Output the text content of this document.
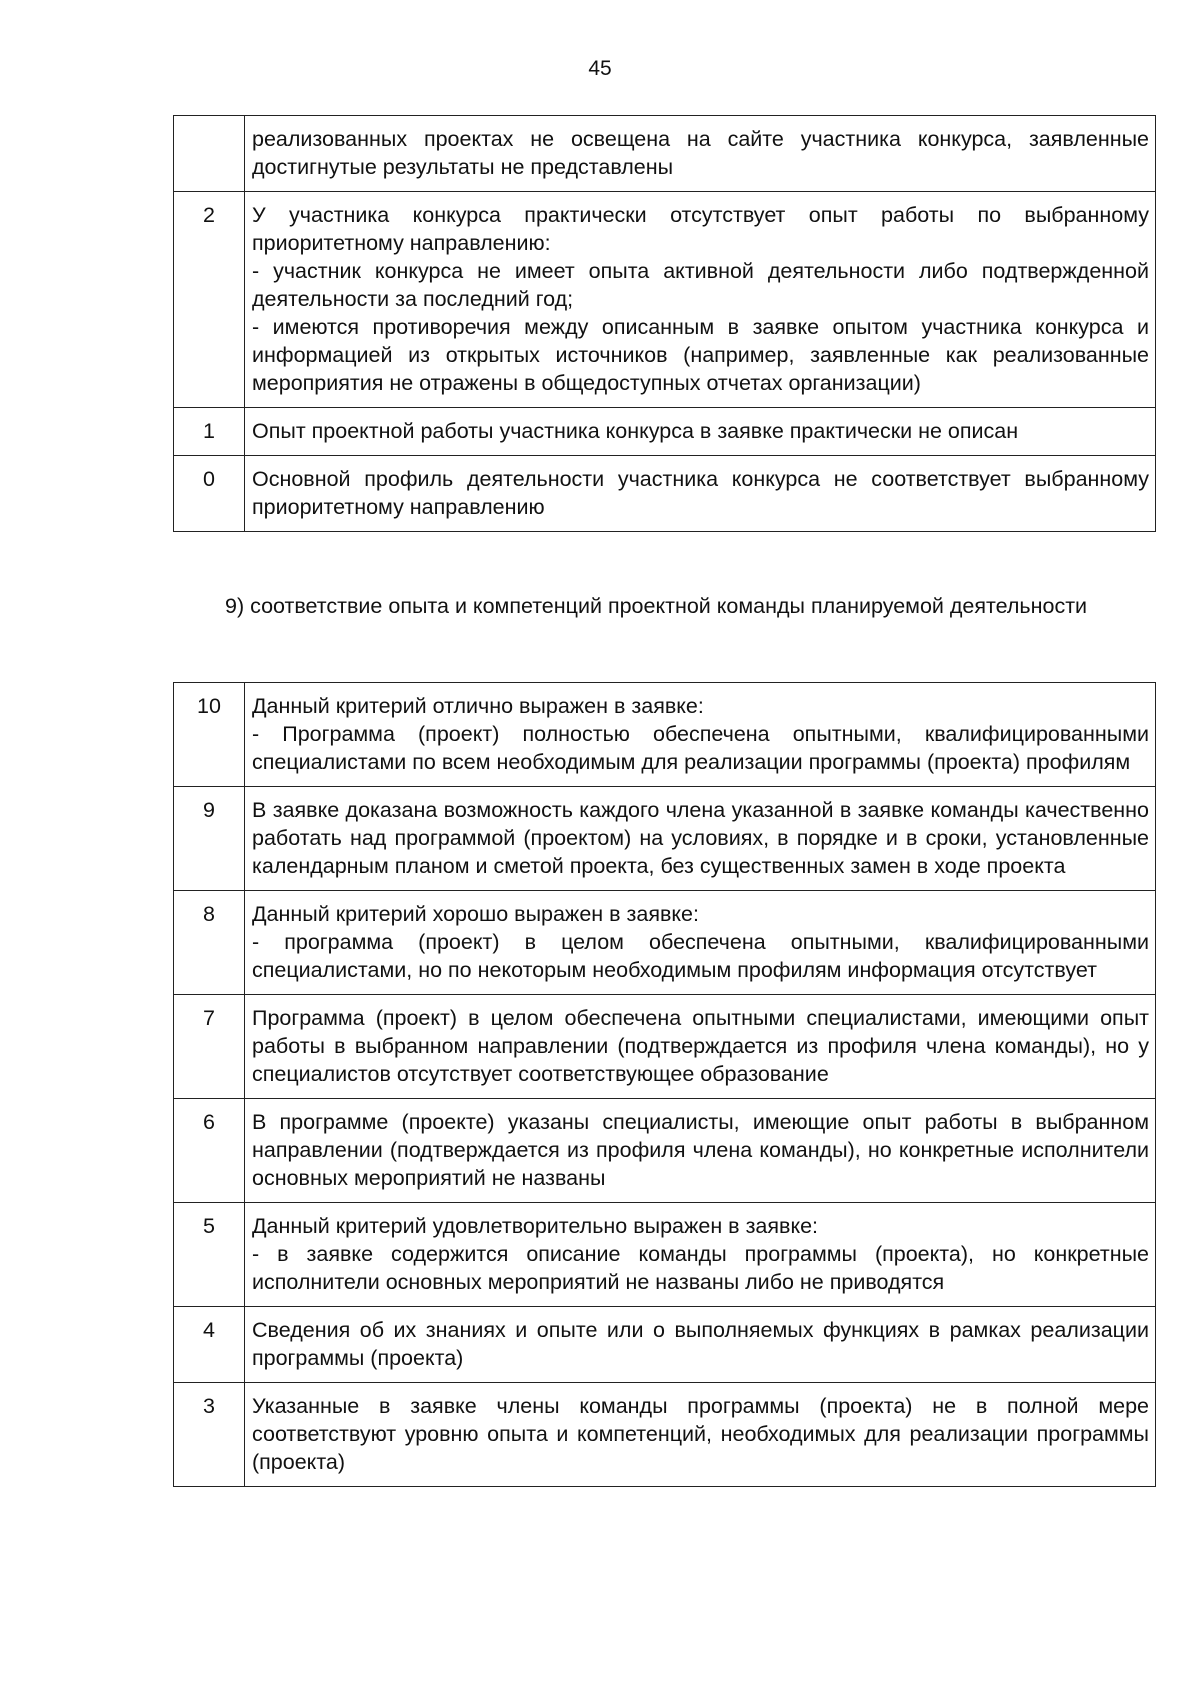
45

	реализованных проектах не освещена на сайте участника конкурса, заявленные достигнутые результаты не представлены

2	У участника конкурса практически отсутствует опыт работы по выбранному приоритетному направлению:
- участник конкурса не имеет опыта активной деятельности либо подтвержденной деятельности за последний год;
- имеются противоречия между описанным в заявке опытом участника конкурса и информацией из открытых источников (например, заявленные как реализованные мероприятия не отражены в общедоступных отчетах организации)

1	Опыт проектной работы участника конкурса в заявке практически не описан

0	Основной профиль деятельности участника конкурса не соответствует выбранному приоритетному направлению
9) соответствие опыта и компетенций проектной команды планируемой деятельности
10	Данный критерий отлично выражен в заявке:
- Программа (проект) полностью обеспечена опытными, квалифицированными специалистами по всем необходимым для реализации программы (проекта) профилям

9	В заявке доказана возможность каждого члена указанной в заявке команды качественно работать над программой (проектом) на условиях, в порядке и в сроки, установленные календарным планом и сметой проекта, без существенных замен в ходе проекта

8	Данный критерий хорошо выражен в заявке:
- программа (проект) в целом обеспечена опытными, квалифицированными специалистами, но по некоторым необходимым профилям информация отсутствует

7	Программа (проект) в целом обеспечена опытными специалистами, имеющими опыт работы в выбранном направлении (подтверждается из профиля члена команды), но у специалистов отсутствует соответствующее образование

6	В программе (проекте) указаны специалисты, имеющие опыт работы в выбранном направлении (подтверждается из профиля члена команды), но конкретные исполнители основных мероприятий не названы

5	Данный критерий удовлетворительно выражен в заявке:
- в заявке содержится описание команды программы (проекта), но конкретные исполнители основных мероприятий не названы либо не приводятся

4	Сведения об их знаниях и опыте или о выполняемых функциях в рамках реализации программы (проекта)

3	Указанные в заявке члены команды программы (проекта) не в полной мере соответствуют уровню опыта и компетенций, необходимых для реализации программы (проекта)
